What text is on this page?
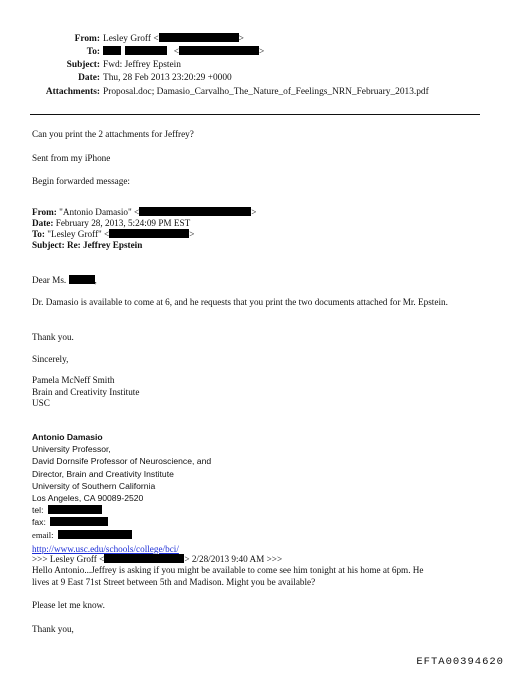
From: Lesley Groff <	>
To:	<	>
Subject: Fwd: Jeffrey Epstein
Date: Thu, 28 Feb 2013 23:20:29 +0000
Attachments: Proposal.doc; Damasio_Carvalho_The_Nature_of_Feelings_NRN_February_2013.pdf
Can you print the 2 attachments for Jeffrey?
Sent from my iPhone
Begin forwarded message:
From: "Antonio Damasio" <	>
Date: February 28, 2013, 5:24:09 PM EST
To: "Lesley Groff" <	>
Subject: Re: Jeffrey Epstein
Dear Ms.	,
Dr. Damasio is available to come at 6, and he requests that you print the two documents attached for Mr. Epstein.
Thank you.
Sincerely,
Pamela McNeff Smith
Brain and Creativity Institute
USC
Antonio Damasio
University Professor,
David Dornsife Professor of Neuroscience, and
Director, Brain and Creativity Institute
University of Southern California
Los Angeles, CA 90089-2520
tel:
fax:
email:
http://www.usc.edu/schools/college/bci/
>>> Lesley Groff <	> 2/28/2013 9:40 AM >>>
Hello Antonio...Jeffrey is asking if you might be available to come see him tonight at his home at 6pm. He
lives at 9 East 71st Street between 5th and Madison. Might you be available?
Please let me know.
Thank you,
EFTA00394620
